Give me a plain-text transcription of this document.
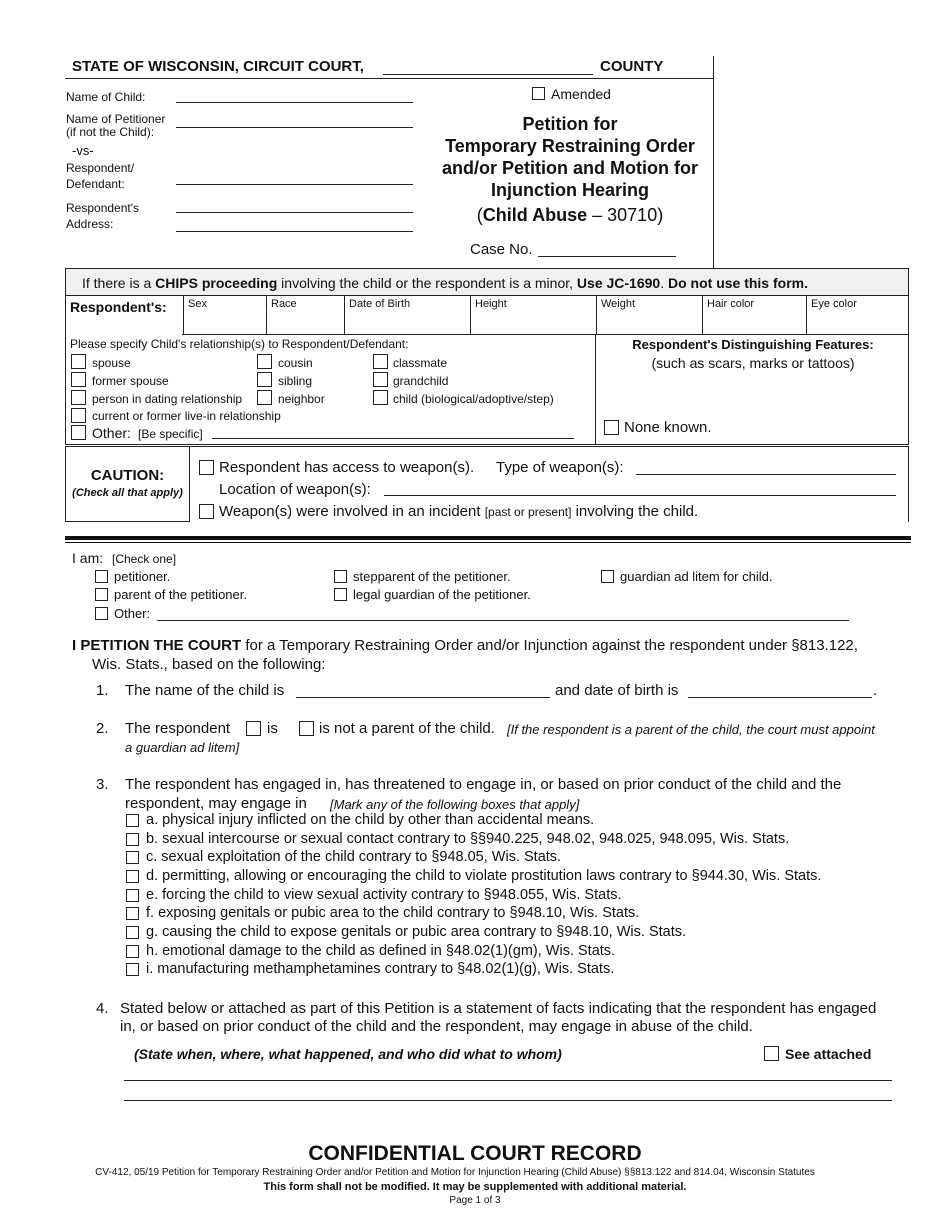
STATE OF WISCONSIN, CIRCUIT COURT,	COUNTY
Name of Child:
Name of Petitioner
(if not the Child):
-vs-
Respondent/
Defendant:
Respondent's
Address:
Amended
Petition for
Temporary Restraining Order
and/or Petition and Motion for
Injunction Hearing
(Child Abuse – 30710)
Case No.
If there is a CHIPS proceeding involving the child or the respondent is a minor, Use JC-1690. Do not use this form.
Respondent's:	Sex	Race	Date of Birth	Height	Weight	Hair color	Eye color
Please specify Child's relationship(s) to Respondent/Defendant:
spouse
former spouse
person in dating relationship
current or former live-in relationship
cousin
sibling
neighbor
classmate
grandchild
child (biological/adoptive/step)
Other: [Be specific]
Respondent's Distinguishing Features:
(such as scars, marks or tattoos)
None known.
CAUTION:
(Check all that apply)
Respondent has access to weapon(s). Type of weapon(s):
Location of weapon(s):
Weapon(s) were involved in an incident [past or present] involving the child.
I am: [Check one]
petitioner.
parent of the petitioner.
Other:
stepparent of the petitioner.
legal guardian of the petitioner.
guardian ad litem for child.
I PETITION THE COURT for a Temporary Restraining Order and/or Injunction against the respondent under §813.122,
Wis. Stats., based on the following:
1. The name of the child is	and date of birth is	.
2. The respondent is	is not a parent of the child. [If the respondent is a parent of the child, the court must appoint
a guardian ad litem]
3. The respondent has engaged in, has threatened to engage in, or based on prior conduct of the child and the
respondent, may engage in [Mark any of the following boxes that apply]
a. physical injury inflicted on the child by other than accidental means.
b. sexual intercourse or sexual contact contrary to §§940.225, 948.02, 948.025, 948.095, Wis. Stats.
c. sexual exploitation of the child contrary to §948.05, Wis. Stats.
d. permitting, allowing or encouraging the child to violate prostitution laws contrary to §944.30, Wis. Stats.
e. forcing the child to view sexual activity contrary to §948.055, Wis. Stats.
f. exposing genitals or pubic area to the child contrary to §948.10, Wis. Stats.
g. causing the child to expose genitals or pubic area contrary to §948.10, Wis. Stats.
h. emotional damage to the child as defined in §48.02(1)(gm), Wis. Stats.
i. manufacturing methamphetamines contrary to §48.02(1)(g), Wis. Stats.
4. Stated below or attached as part of this Petition is a statement of facts indicating that the respondent has engaged
in, or based on prior conduct of the child and the respondent, may engage in abuse of the child.
(State when, where, what happened, and who did what to whom)	See attached
CONFIDENTIAL COURT RECORD
CV-412, 05/19 Petition for Temporary Restraining Order and/or Petition and Motion for Injunction Hearing (Child Abuse) §§813.122 and 814.04, Wisconsin Statutes
This form shall not be modified. It may be supplemented with additional material.
Page 1 of 3
